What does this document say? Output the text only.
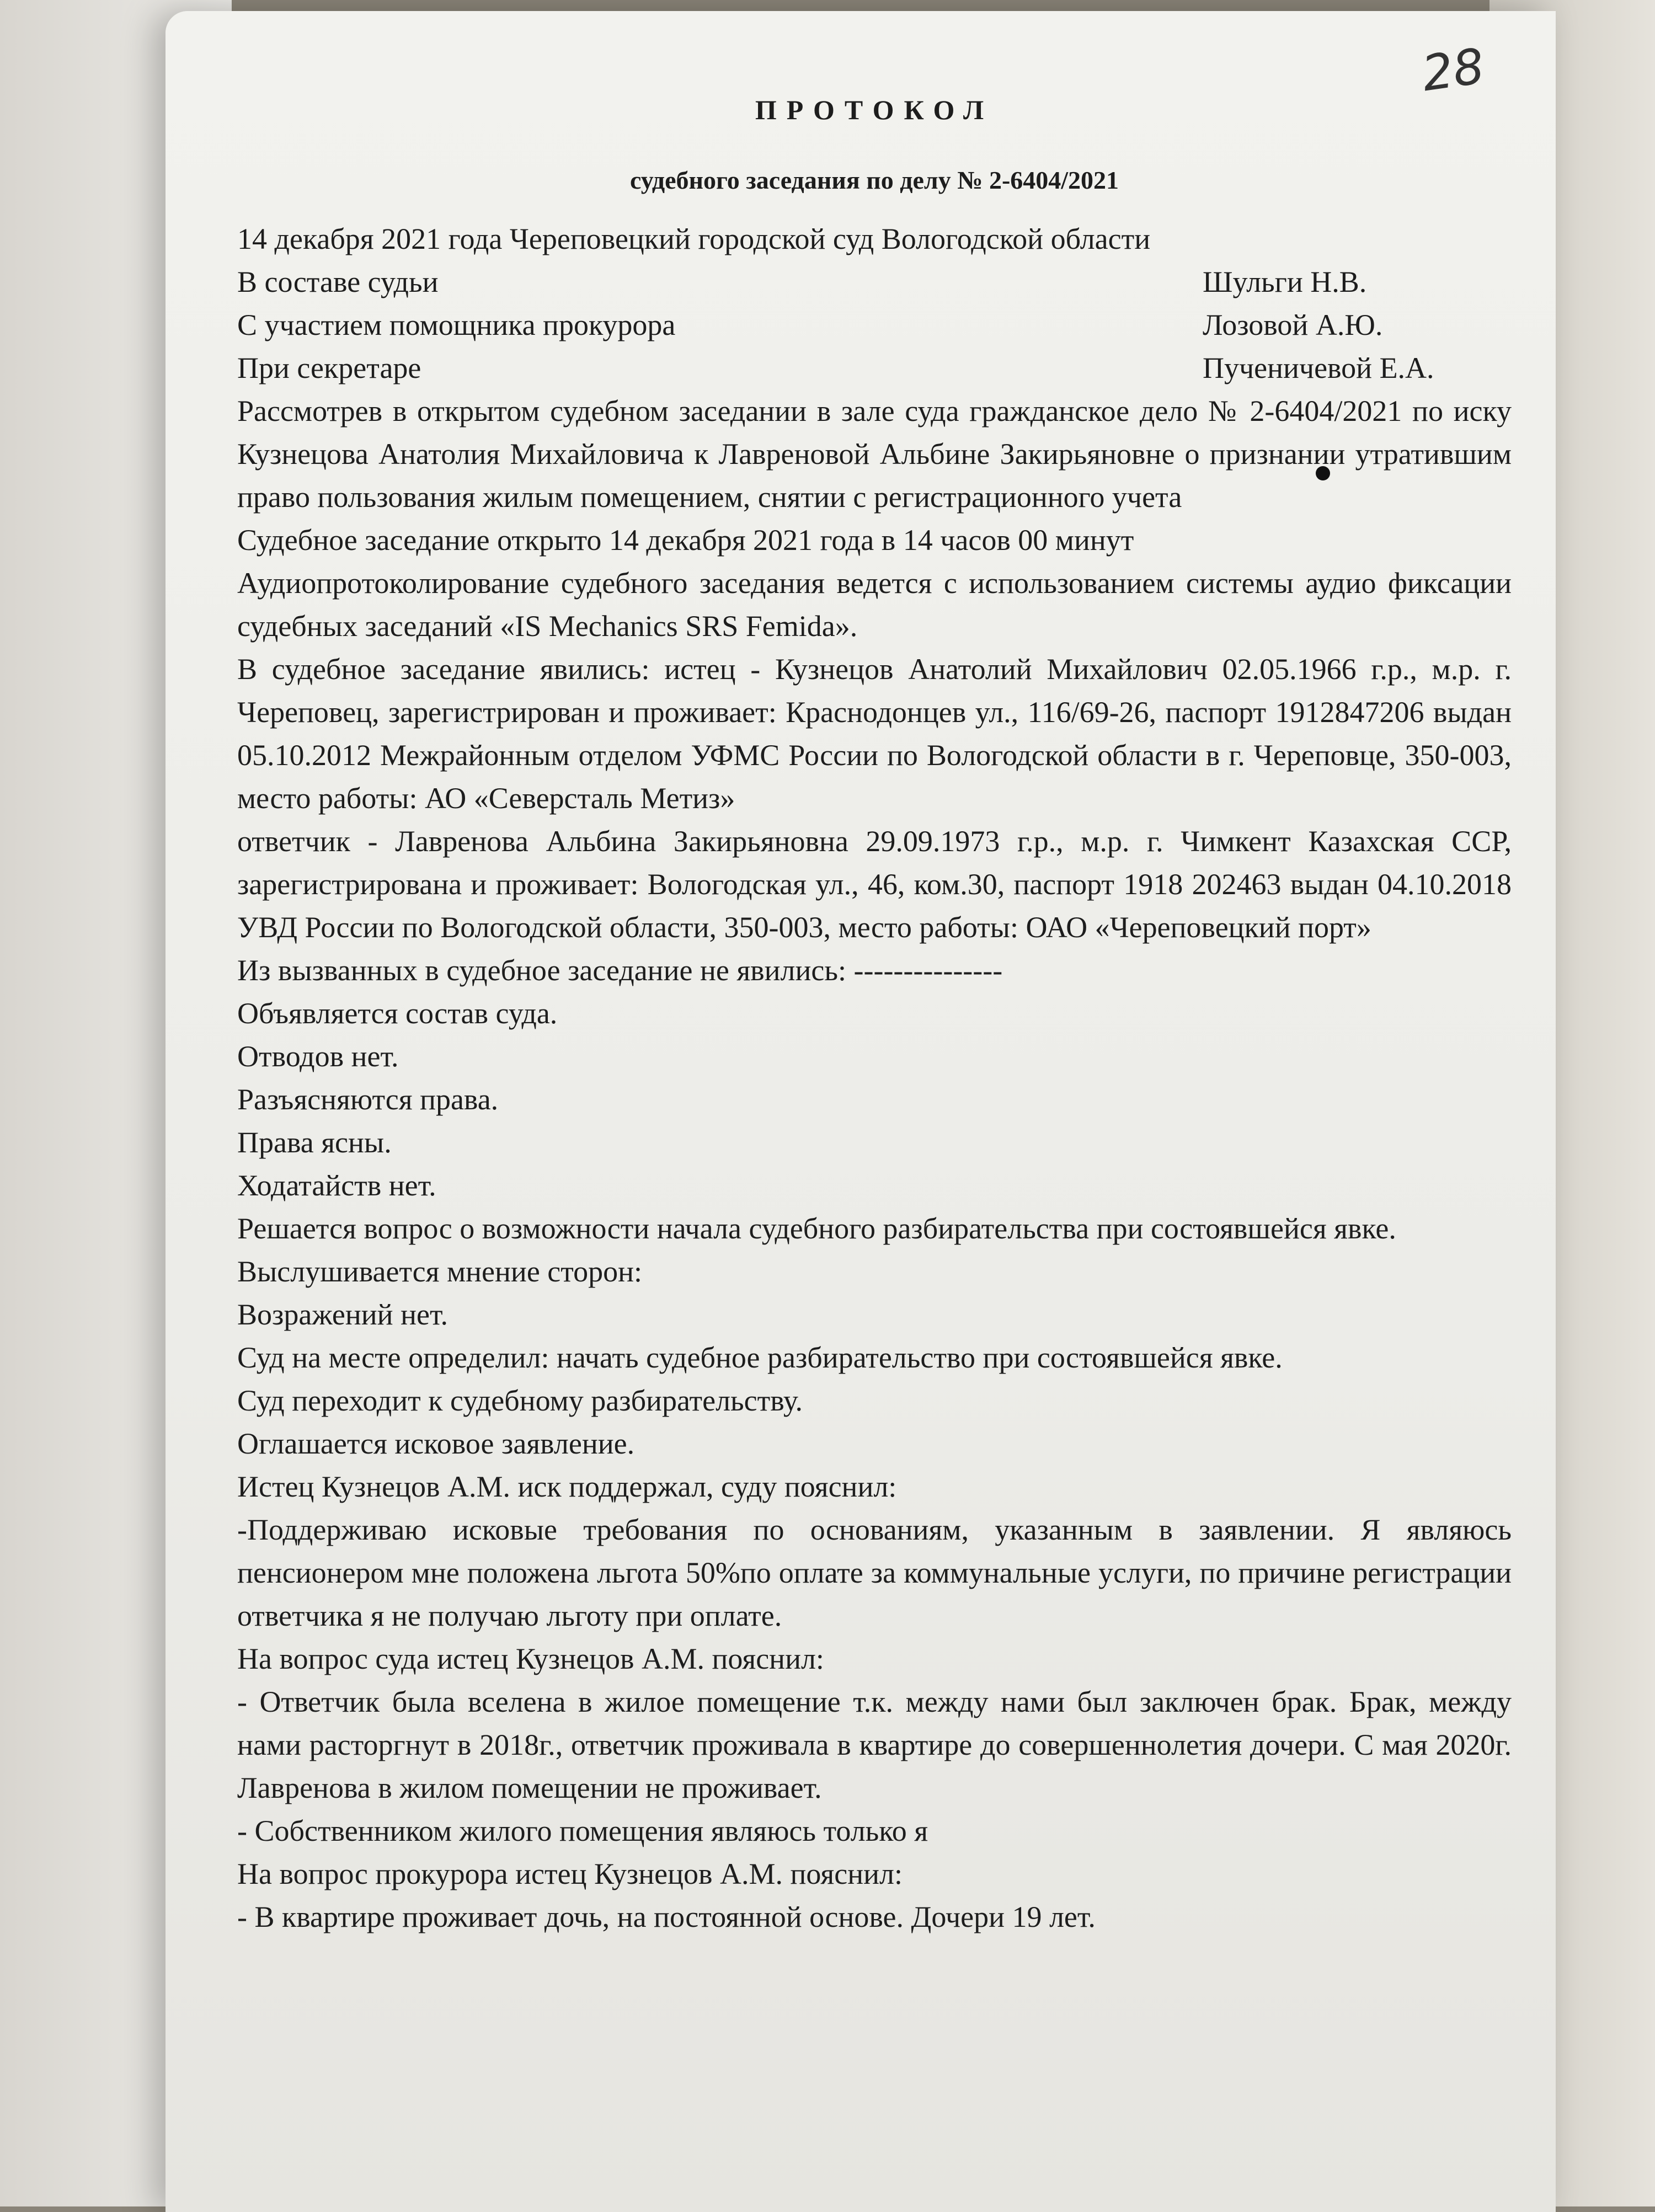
28
ПРОТОКОЛ
судебного заседания по делу № 2-6404/2021

14 декабря 2021 года Череповецкий городской суд Вологодской области

В составе судьи	Шульги Н.В.
С участием помощника прокурора	Лозовой А.Ю.
При секретаре	Пученичевой Е.А.

Рассмотрев в открытом судебном заседании в зале суда гражданское дело № 2-6404/2021 по иску Кузнецова Анатолия Михайловича к Лавреновой Альбине Закирьяновне о признании утратившим право пользования жилым помещением, снятии с регистрационного учета

Судебное заседание открыто 14 декабря 2021 года в 14 часов 00 минут

Аудиопротоколирование судебного заседания ведется с использованием системы аудио фиксации судебных заседаний «IS Mechanics SRS Femida».

В судебное заседание явились: истец - Кузнецов Анатолий Михайлович 02.05.1966 г.р., м.р. г. Череповец, зарегистрирован и проживает: Краснодонцев ул., 116/69-26, паспорт 1912847206 выдан 05.10.2012 Межрайонным отделом УФМС России по Вологодской области в г. Череповце, 350-003, место работы: АО «Северсталь Метиз»

ответчик - Лавренова Альбина Закирьяновна 29.09.1973 г.р., м.р. г. Чимкент Казахская ССР, зарегистрирована и проживает: Вологодская ул., 46, ком.30, паспорт 1918 202463 выдан 04.10.2018 УВД России по Вологодской области, 350-003, место работы: ОАО «Череповецкий порт»

Из вызванных в судебное заседание не явились: ---------------

Объявляется состав суда.

Отводов нет.

Разъясняются права.

Права ясны.

Ходатайств нет.

Решается вопрос о возможности начала судебного разбирательства при состоявшейся явке.

Выслушивается мнение сторон:

Возражений нет.

Суд на месте определил: начать судебное разбирательство при состоявшейся явке.

Суд переходит к судебному разбирательству.

Оглашается исковое заявление.

Истец Кузнецов А.М. иск поддержал, суду пояснил:

-Поддерживаю исковые требования по основаниям, указанным в заявлении. Я являюсь пенсионером мне положена льгота 50%по оплате за коммунальные услуги, по причине регистрации ответчика я не получаю льготу при оплате.

На вопрос суда истец Кузнецов А.М. пояснил:

- Ответчик была вселена в жилое помещение т.к. между нами был заключен брак. Брак, между нами расторгнут в 2018г., ответчик проживала в квартире до совершеннолетия дочери. С мая 2020г. Лавренова в жилом помещении не проживает.

- Собственником жилого помещения являюсь только я

На вопрос прокурора истец Кузнецов А.М. пояснил:

- В квартире проживает дочь, на постоянной основе. Дочери 19 лет.
